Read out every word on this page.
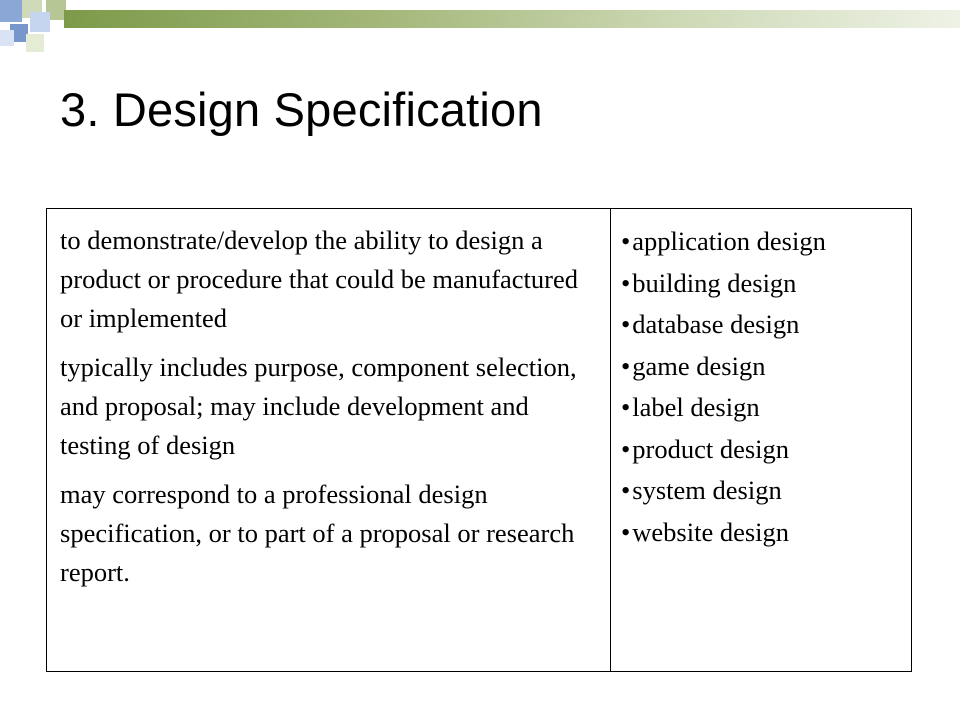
3. Design Specification

to demonstrate/develop the ability to design a product or procedure that could be manufactured or implemented

typically includes purpose, component selection, and proposal; may include development and testing of design

may correspond to a professional design specification, or to part of a proposal or research report.

• application design
• building design
• database design
• game design
• label design
• product design
• system design
• website design
